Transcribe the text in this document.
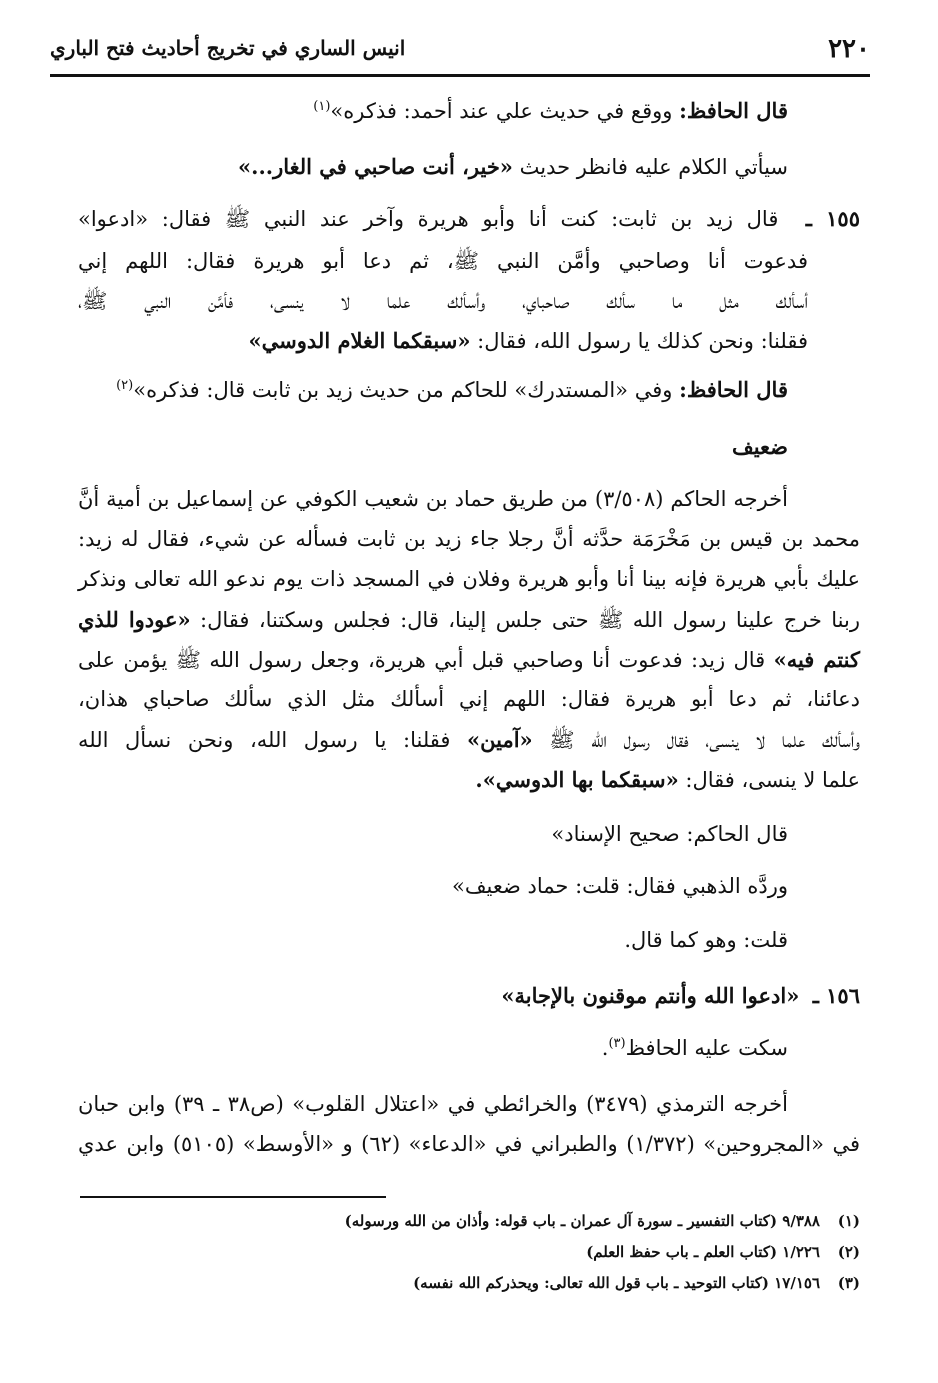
٢٢٠
انيس الساري في تخريج أحاديث فتح الباري
قال الحافظ: ووقع في حديث علي عند أحمد: فذكره»$^{(١)}$
سيأتي الكلام عليه فانظر حديث «خير، أنت صاحبي في الغار...»
١٥٥ ـ  قال زيد بن ثابت: كنت أنا وأبو هريرة وآخر عند النبي ﷺ فقال: «ادعوا»
فدعوت أنا وصاحبي وأمَّن النبي ﷺ، ثم دعا أبو هريرة فقال: اللهم إني
أسألك مثل ما سألك صاحباي، وأسألك علما لا ينسى، فأمَّن النبي ﷺ،
فقلنا: ونحن كذلك يا رسول الله، فقال: «سبقكما الغلام الدوسي»
قال الحافظ: وفي «المستدرك» للحاكم من حديث زيد بن ثابت قال: فذكره»$^{(٢)}$
ضعيف
أخرجه الحاكم (٣/٥٠٨) من طريق حماد بن شعيب الكوفي عن إسماعيل بن أمية أنَّ
محمد بن قيس بن مَخْرَمَة حدَّثه أنَّ رجلا جاء زيد بن ثابت فسأله عن شيء، فقال له زيد:
عليك بأبي هريرة فإنه بينا أنا وأبو هريرة وفلان في المسجد ذات يوم ندعو الله تعالى ونذكر
ربنا خرج علينا رسول الله ﷺ حتى جلس إلينا، قال: فجلس وسكتنا، فقال: «عودوا للذي
كنتم فيه» قال زيد: فدعوت أنا وصاحبي قبل أبي هريرة، وجعل رسول الله ﷺ يؤمن على
دعائنا، ثم دعا أبو هريرة فقال: اللهم إني أسألك مثل الذي سألك صاحباي هذان،
وأسألك علما لا ينسى، فقال رسول الله ﷺ «آمين» فقلنا: يا رسول الله، ونحن نسأل الله
علما لا ينسى، فقال: «سبقكما بها الدوسي».
قال الحاكم: صحيح الإسناد»
وردَّه الذهبي فقال: قلت: حماد ضعيف»
قلت: وهو كما قال.
١٥٦ ـ  «ادعوا الله وأنتم موقنون بالإجابة»
سكت عليه الحافظ$^{(٣)}$.
أخرجه الترمذي (٣٤٧٩) والخرائطي في «اعتلال القلوب» (ص٣٨ ـ ٣٩) وابن حبان
في «المجروحين» (١/٣٧٢) والطبراني في «الدعاء» (٦٢) و «الأوسط» (٥١٠٥) وابن عدي
(١)٩/٣٨٨ (كتاب التفسير ـ سورة آل عمران ـ باب قوله: وأذان من الله ورسوله)
(٢)١/٢٢٦ (كتاب العلم ـ باب حفظ العلم)
(٣)١٧/١٥٦ (كتاب التوحيد ـ باب قول الله تعالى: ويحذركم الله نفسه)
